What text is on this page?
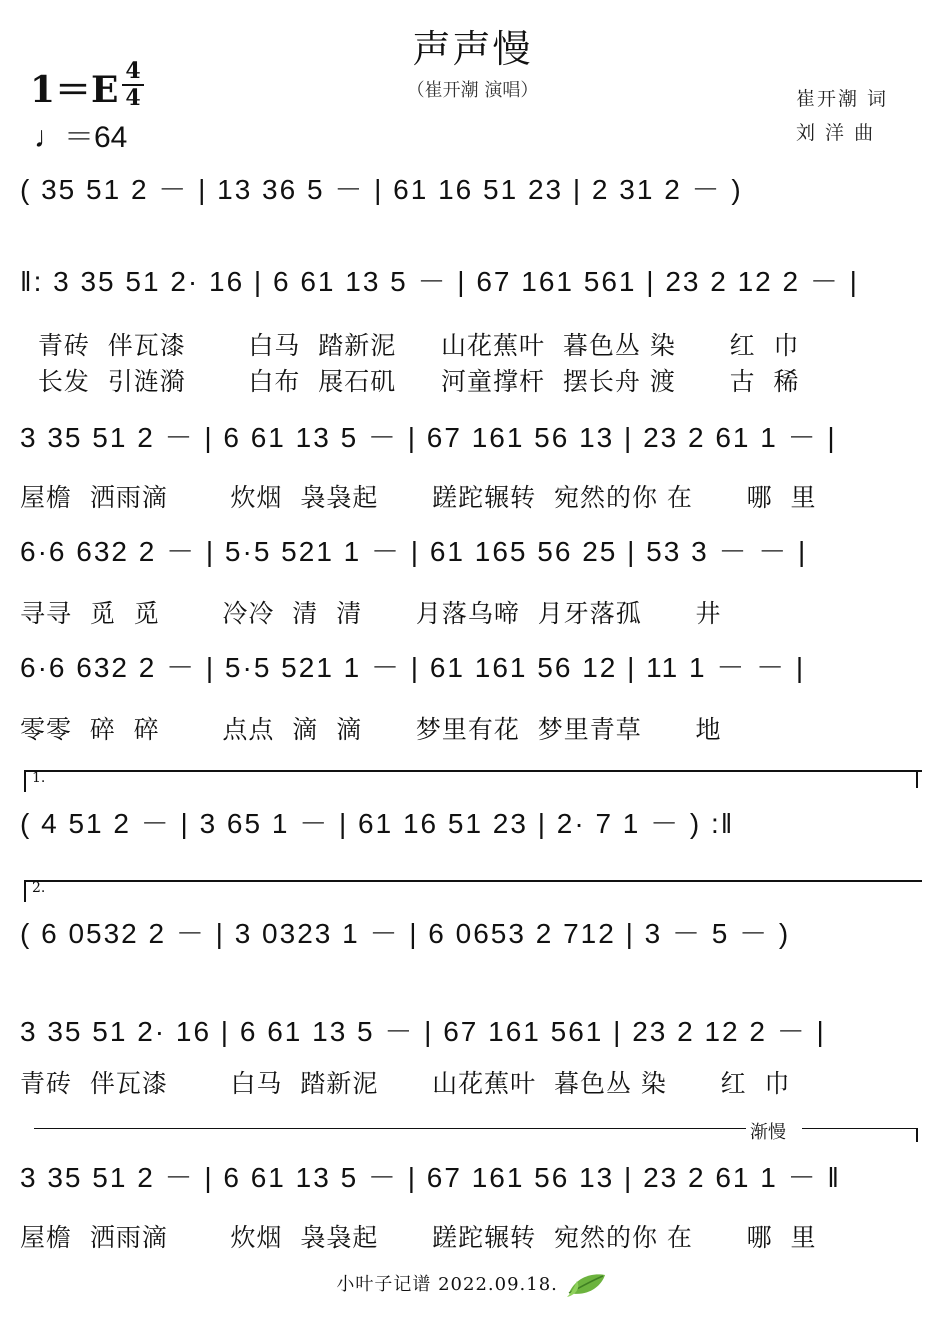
声声慢
（崔开潮 演唱）
1＝E 4
4
♩＝64
崔开潮 词
刘 洋 曲
( 35 51 2 － | 13 36 5 － | 61 16 51 23 | 2 31 2 － )
‖: 3 35 51 2· 16 | 6 61 13 5 － | 67 161 561 | 23 2 12 2 － |
青砖  伴瓦漆       白马  踏新泥     山花蕉叶  暮色丛 染      红  巾
长发  引涟漪       白布  展石矶     河童撑杆  摆长舟 渡      古  稀
3 35 51 2 － | 6 61 13 5 － | 67 161 56 13 | 23 2 61 1 － |
屋檐  洒雨滴       炊烟  袅袅起      蹉跎辗转  宛然的你 在      哪  里
6·6 632 2 － | 5·5 521 1 － | 61 165 56 25 | 53 3 － － |
寻寻  觅  觅       冷冷  清  清      月落乌啼  月牙落孤      井
6·6 632 2 － | 5·5 521 1 － | 61 161 56 12 | 11 1 － － |
零零  碎  碎       点点  滴  滴      梦里有花  梦里青草      地
1.
( 4 51 2 － | 3 65 1 － | 61 16 51 23 | 2· 7 1 － ) :‖
2.
( 6 0532 2 － | 3 0323 1 － | 6 0653 2 712 | 3 － 5 － )
3 35 51 2· 16 | 6 61 13 5 － | 67 161 561 | 23 2 12 2 － |
青砖  伴瓦漆       白马  踏新泥      山花蕉叶  暮色丛 染      红  巾
渐慢
3 35 51 2 － | 6 61 13 5 － | 67 161 56 13 | 23 2 61 1 － ‖
屋檐  洒雨滴       炊烟  袅袅起      蹉跎辗转  宛然的你 在      哪  里
小叶子记谱 2022.09.18.
